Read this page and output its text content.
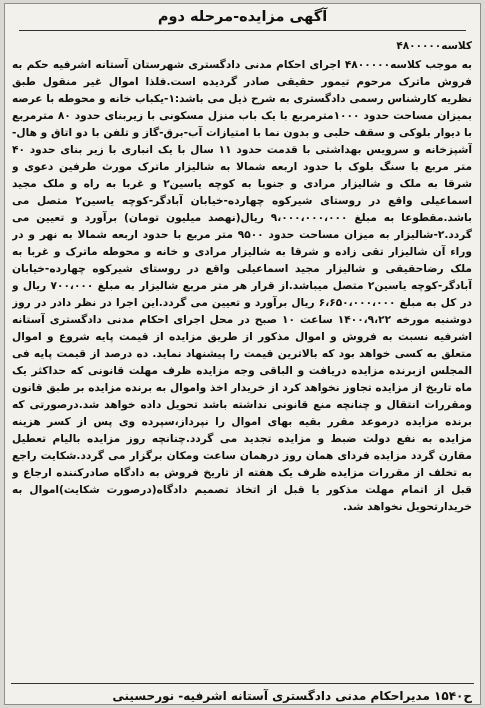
آگهی مزایده-مرحله دوم
کلاسه۴۸۰۰۰۰۰
به موجب کلاسه۴۸۰۰۰۰۰ اجرای احکام مدنی دادگستری شهرستان آستانه اشرفیه حکم به فروش ماترک مرحوم تیمور حقیقی صادر گردیده است.فلذا اموال غیر منقول طبق نظریه کارشناس رسمی دادگستری به شرح ذیل می باشد:۱-یکباب خانه و محوطه با عرصه بمیزان مساحت حدود ۱۰۰۰مترمربع با یک باب منزل مسکونی با زیربنای حدود ۸۰ مترمربع با دیوار بلوکی و سقف حلبی و بدون نما با امتیازات آب-برق-گاز و تلفن با دو اتاق و هال- آشپزخانه و سرویس بهداشتی با قدمت حدود ۱۱ سال با یک انباری با زیر بنای حدود ۴۰ متر مربع با سنگ بلوک با حدود اربعه شمالا به شالیزار ماترک مورث طرفین دعوی و شرقا به ملک و شالیزار مرادی و جنوبا به کوچه یاسین۲ و غربا به راه و ملک مجید اسماعیلی واقع در روستای شیرکوه چهارده-خیابان آبادگر-کوچه یاسین۲ متصل می باشد.مقطوعا به مبلغ ۹،۰۰۰،۰۰۰،۰۰۰ ریال(نهصد میلیون تومان) برآورد و تعیین می گردد.۲-شالیزار به میزان مساحت حدود ۹۵۰۰ متر مربع با حدود اربعه شمالا به نهر و در وراء آن شالیزار تقی زاده و شرقا به شالیزار مرادی و خانه و محوطه ماترک و غربا به ملک رضاحقیقی و شالیزار مجید اسماعیلی واقع در روستای شیرکوه چهارده-خیابان آبادگر-کوچه یاسین۲ متصل میباشد.از قرار هر متر مربع شالیزار به مبلغ ۷۰۰،۰۰۰ ریال و در کل به مبلغ ۶،۶۵۰،۰۰۰،۰۰۰ ریال برآورد و تعیین می گردد.این اجرا در نظر دادر در روز دوشنبه مورخه ۱۴۰۰،۹،۲۲ ساعت ۱۰ صبح در محل اجرای احکام مدنی دادگستری آستانه اشرفیه نسبت به فروش و اموال مذکور از طریق مزایده از قیمت پایه شروع و اموال متعلق به کسی خواهد بود که بالاترین قیمت را پیشنهاد نماید. ده درصد از قیمت پایه فی المجلس ازبرنده مزایده دریافت و الباقی وجه مزایده ظرف مهلت قانونی که حداکثر یک ماه تاریخ از مزایده تجاوز نخواهد کرد از خریدار اخذ واموال به برنده مزایده بر طبق قانون ومقررات انتقال و چنانچه منع قانونی نداشته باشد تحویل داده خواهد شد.درصورتی که برنده مزایده درموعد مقرر بقیه بهای اموال را نپرداز،سپرده وی پس از کسر هزینه مزایده به نفع دولت ضبط و مزایده تجدید می گردد.چنانچه روز مزایده بالیام تعطیل مقارن گردد مزایده فردای همان روز درهمان ساعت ومکان برگزار می گردد.شکایت راجع به تخلف از مقررات مزایده ظرف یک هفته از تاریخ فروش به دادگاه صادرکننده ارجاع و قبل از اتمام مهلت مذکور یا قبل از اتخاذ تصمیم دادگاه(درصورت شکایت)اموال به خریدارتحویل نخواهد شد.
ح۱۵۴۰ مدیراحکام مدنی دادگستری آستانه اشرفیه- نورحسینی
